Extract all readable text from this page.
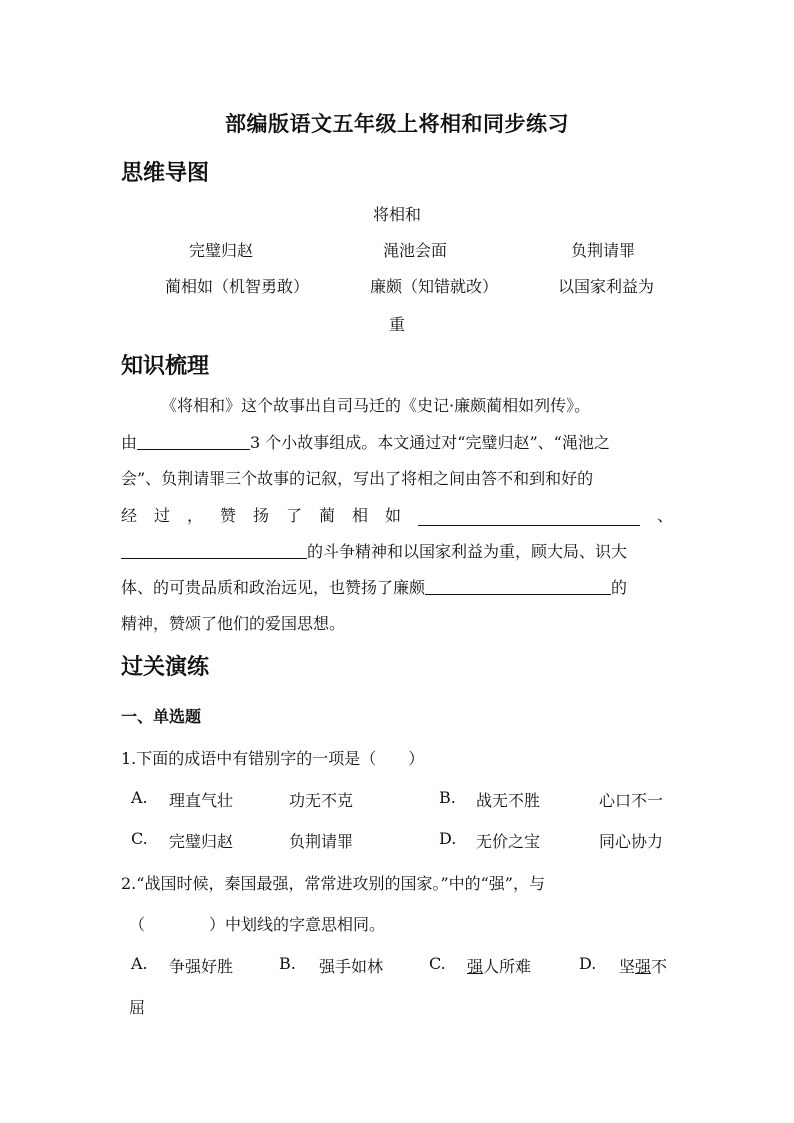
部编版语文五年级上将相和同步练习
思维导图
将相和
完璧归赵	渑池会面	负荆请罪
蔺相如（机智勇敢）	廉颇（知错就改）	以国家利益为
重
知识梳理
《将相和》这个故事出自司马迁的《史记·廉颇蔺相如列传》。
由	3 个小故事组成。本文通过对“完璧归赵”、“渑池之
会”、负荆请罪三个故事的记叙，写出了将相之间由答不和到和好的
经 过 ， 赞 扬 了 蔺 相 如	、
的斗争精神和以国家利益为重，顾大局、识大
体、的可贵品质和政治远见，也赞扬了廉颇	的
精神，赞颂了他们的爱国思想。
过关演练
一、单选题
1.下面的成语中有错别字的一项是（　　）
A. 理直气壮	功无不克	B. 战无不胜	心口不一
C. 完璧归赵	负荆请罪	D. 无价之宝	同心协力
2.“战国时候，秦国最强，常常进攻别的国家。”中的“强”，与
（　　　　）中划线的字意思相同。
A. 争强好胜	B. 强手如林	C. 强人所难	D. 坚强不
屈
